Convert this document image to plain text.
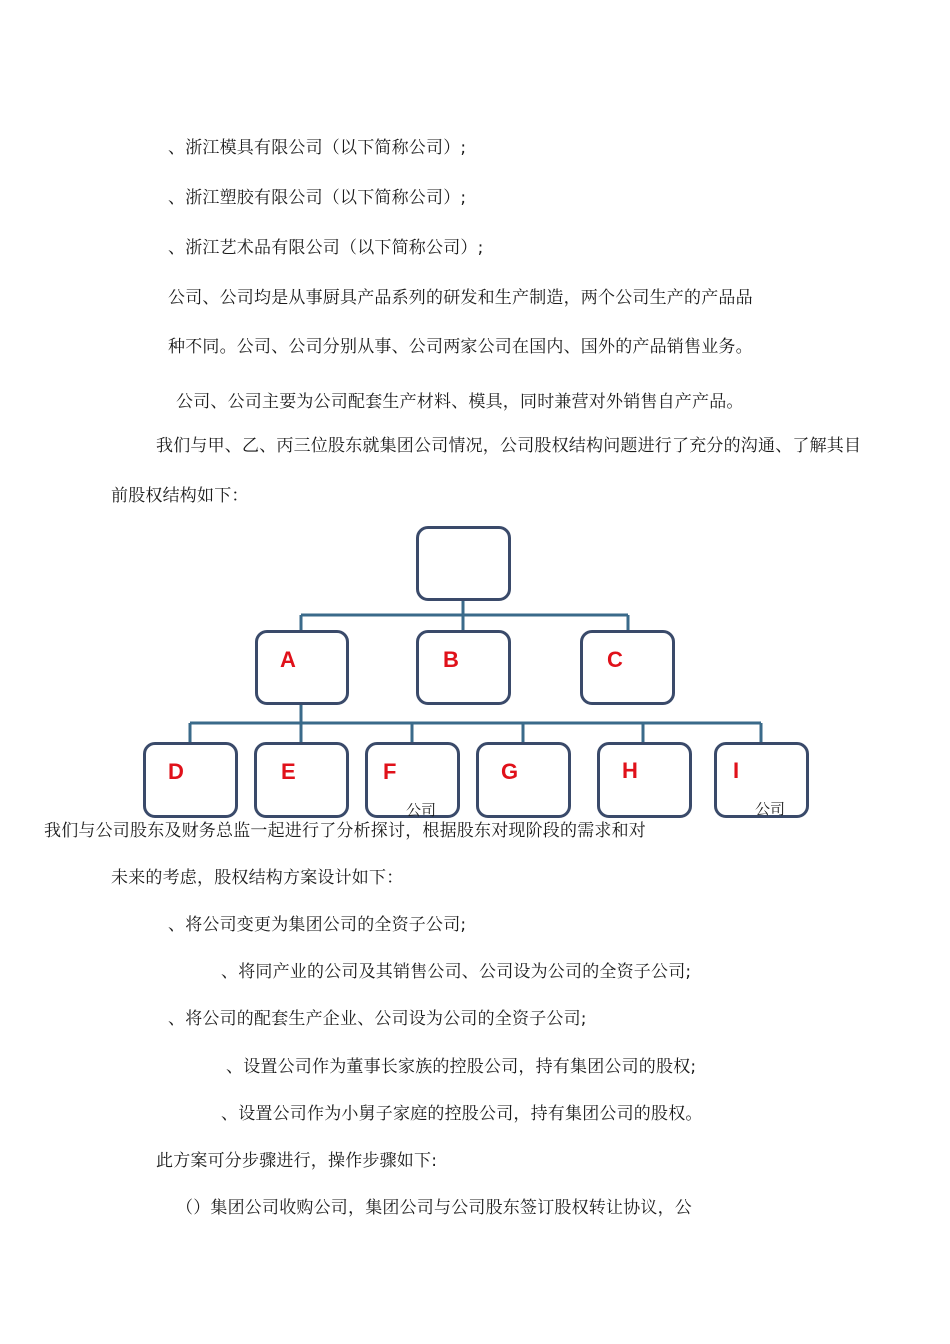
、浙江模具有限公司（以下简称公司）;
、浙江塑胶有限公司（以下简称公司）;
、浙江艺术品有限公司（以下简称公司）;
公司、公司均是从事厨具产品系列的研发和生产制造，两个公司生产的产品品
种不同。公司、公司分别从事、公司两家公司在国内、国外的产品销售业务。
公司、公司主要为公司配套生产材料、模具，同时兼营对外销售自产产品。
我们与甲、乙、丙三位股东就集团公司情况，公司股权结构问题进行了充分的沟通、了解其目
前股权结构如下：
A	B	C
D	E	F
公司
G	H	I
公司
我们与公司股东及财务总监一起进行了分析探讨，根据股东对现阶段的需求和对
未来的考虑，股权结构方案设计如下：
、将公司变更为集团公司的全资子公司;
、将同产业的公司及其销售公司、公司设为公司的全资子公司;
、将公司的配套生产企业、公司设为公司的全资子公司;
、设置公司作为董事长家族的控股公司，持有集团公司的股权;
、设置公司作为小舅子家庭的控股公司，持有集团公司的股权。
此方案可分步骤进行，操作步骤如下:
（）集团公司收购公司，集团公司与公司股东签订股权转让协议，公
